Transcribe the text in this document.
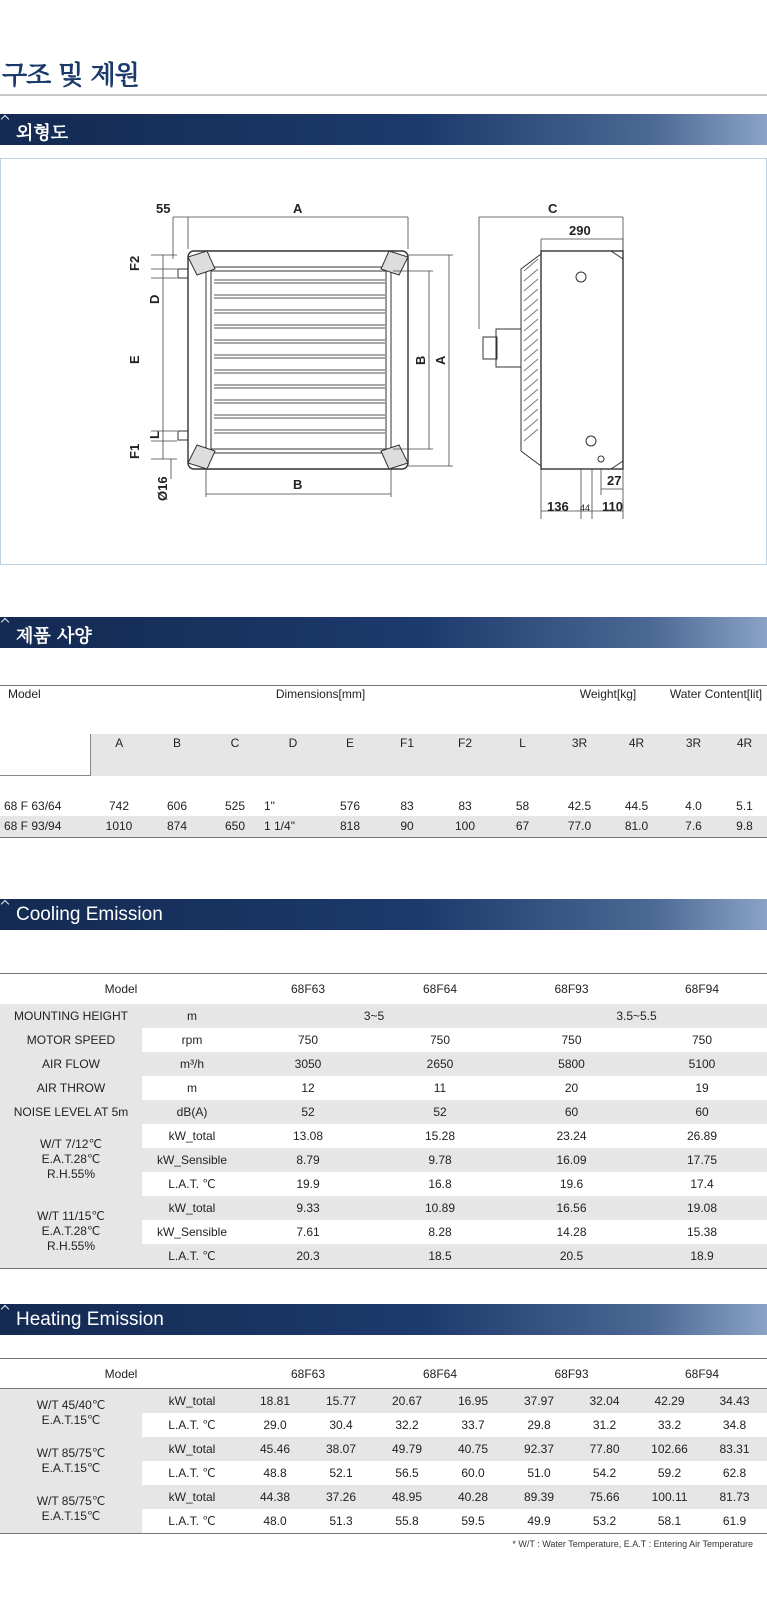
구조 및 제원
외형도
55	A
F2
D
E
L
F1
Ø16	B
B A
C
290
27
136	110
44
제품 사양
Model	Dimensions[mm]								Weight[kg]		Water Content[lit]		
	A	B	C	D	E	F1	F2	L	3R	4R	3R	4R	

68 F 63/64	742	606	525	1"	576	83	83	58	42.5	44.5	4.0	5.1	
68 F 93/94	1010	874	650	1 1/4"	818	90	100	67	77.0	81.0	7.6	9.8	
Cooling Emission
Model		68F63	68F64	68F93	68F94
MOUNTING HEIGHT	m	3~5		3.5~5.5	
MOTOR SPEED	rpm	750	750	750	750
AIR FLOW	m³/h	3050	2650	5800	5100
AIR THROW	m	12	11	20	19
NOISE LEVEL AT 5m	dB(A)	52	52	60	60

W/T 7/12℃
E.A.T.28℃
R.H.55%	kW_total	13.08	15.28	23.24	26.89
	kW_Sensible	8.79	9.78	16.09	17.75
	L.A.T. ℃	19.9	16.8	19.6	17.4

W/T 11/15℃
E.A.T.28℃
R.H.55%	kW_total	9.33	10.89	16.56	19.08
	kW_Sensible	7.61	8.28	14.28	15.38
	L.A.T. ℃	20.3	18.5	20.5	18.9
Heating Emission
Model		68F63		68F64		68F93		68F94	

W/T 45/40℃
E.A.T.15℃	kW_total	18.81	15.77	20.67	16.95	37.97	32.04	42.29	34.43
	L.A.T. ℃	29.0	30.4	32.2	33.7	29.8	31.2	33.2	34.8

W/T 85/75℃
E.A.T.15℃	kW_total	45.46	38.07	49.79	40.75	92.37	77.80	102.66	83.31
	L.A.T. ℃	48.8	52.1	56.5	60.0	51.0	54.2	59.2	62.8

W/T 85/75℃
E.A.T.15℃	kW_total	44.38	37.26	48.95	40.28	89.39	75.66	100.11	81.73
	L.A.T. ℃	48.0	51.3	55.8	59.5	49.9	53.2	58.1	61.9
* W/T : Water Temperature, E.A.T : Entering Air Temperature
